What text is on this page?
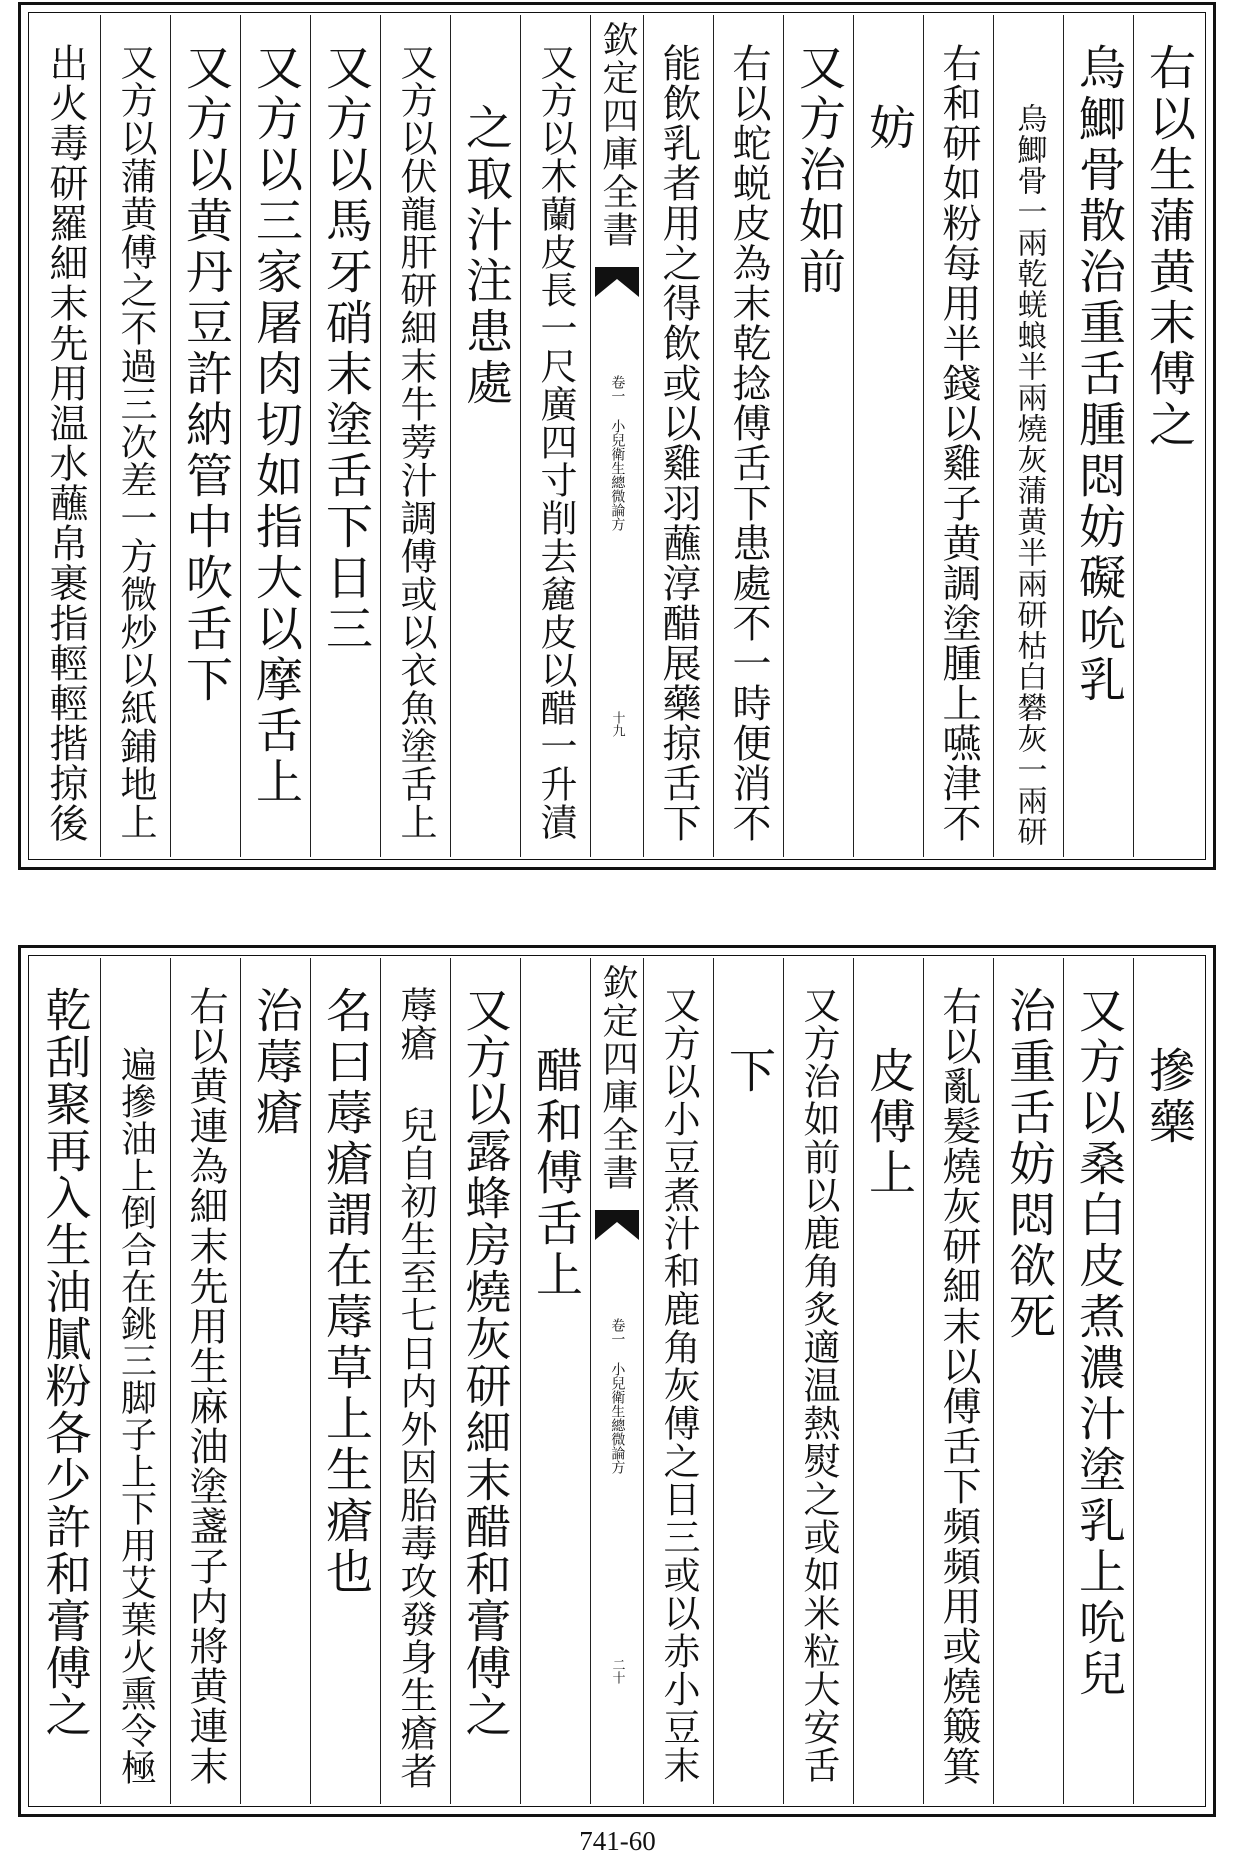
右以生蒲黄末傅之
烏鯽骨散治重舌腫悶妨礙吮乳
烏鯽骨一兩乾蜣蜋半兩燒灰蒲黄半兩研枯白礬灰一兩研
右和研如粉每用半錢以雞子黄調塗腫上嚥津不
妨
又方治如前
右以蛇蜕皮為末乾捻傅舌下患處不一時便消不
能飲乳者用之得飲或以雞羽蘸淳醋展藥掠舌下
欽定四庫全書
卷一 小兒衛生總微論方
十九
又方以木蘭皮長一尺廣四寸削去麄皮以醋一升漬
之取汁注患處
又方以伏龍肝研細末牛蒡汁調傅或以衣魚塗舌上
又方以馬牙硝末塗舌下日三
又方以三家屠肉切如指大以摩舌上
又方以黄丹豆許納管中吹舌下
又方以蒲黄傅之不過三次差一方微炒以紙鋪地上
出火毒研羅細末先用温水蘸帛裹指輕輕揩掠後
摻藥
又方以桑白皮煮濃汁塗乳上吮兒
治重舌妨悶欲死
右以亂髮燒灰研細末以傅舌下頻頻用或燒簸箕
皮傅上
又方治如前以鹿角炙適温熱熨之或如米粒大安舌
下
又方以小豆煮汁和鹿角灰傅之日三或以赤小豆末
欽定四庫全書
卷一 小兒衛生總微論方
二十
醋和傅舌上
又方以露蜂房燒灰研細末醋和膏傅之
蓐瘡 兒自初生至七日内外因胎毒攻發身生瘡者
名曰蓐瘡謂在蓐草上生瘡也
治蓐瘡
右以黄連為細末先用生麻油塗盞子内將黄連末
遍摻油上倒合在銚三脚子上下用艾葉火熏令極
乾刮聚再入生油膩粉各少許和膏傅之
741-60
